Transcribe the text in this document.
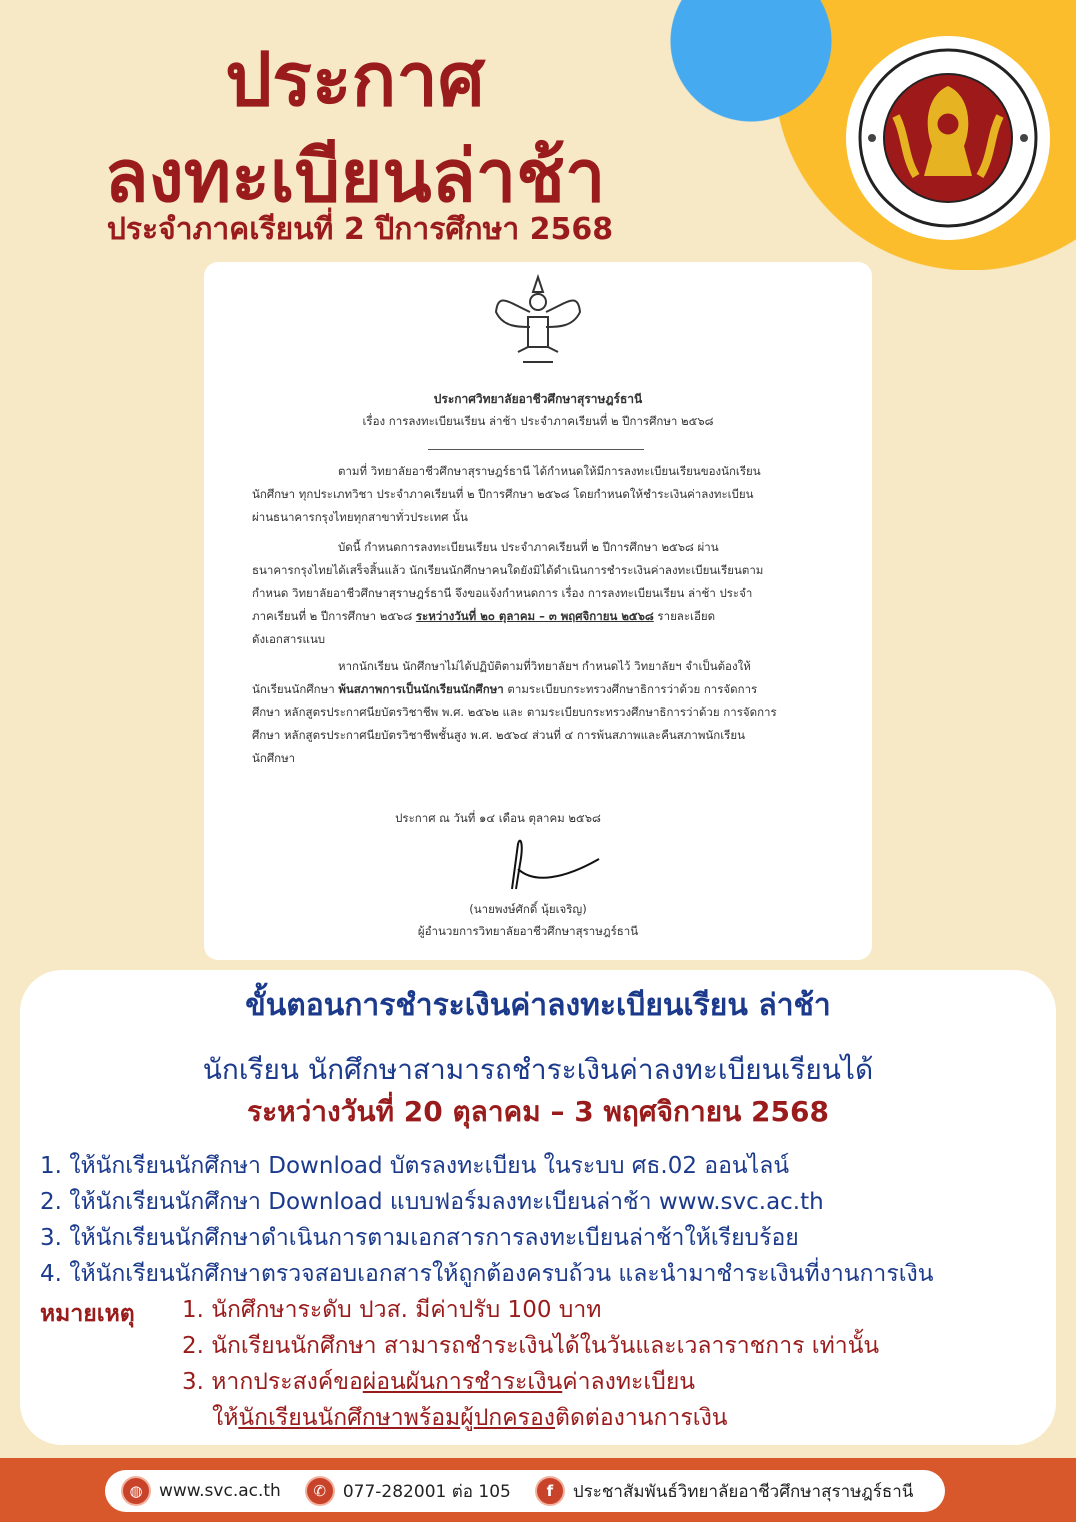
ประกาศ
ลงทะเบียนล่าช้า
ประจำภาคเรียนที่ 2 ปีการศึกษา 2568
ประกาศวิทยาลัยอาชีวศึกษาสุราษฎร์ธานี
เรื่อง การลงทะเบียนเรียน ล่าช้า ประจำภาคเรียนที่ ๒ ปีการศึกษา ๒๕๖๘
ตามที่ วิทยาลัยอาชีวศึกษาสุราษฎร์ธานี ได้กำหนดให้มีการลงทะเบียนเรียนของนักเรียน
นักศึกษา ทุกประเภทวิชา ประจำภาคเรียนที่ ๒ ปีการศึกษา ๒๕๖๘ โดยกำหนดให้ชำระเงินค่าลงทะเบียน
ผ่านธนาคารกรุงไทยทุกสาขาทั่วประเทศ นั้น
บัดนี้ กำหนดการลงทะเบียนเรียน ประจำภาคเรียนที่ ๒ ปีการศึกษา ๒๕๖๘ ผ่าน
ธนาคารกรุงไทยได้เสร็จสิ้นแล้ว นักเรียนนักศึกษาคนใดยังมิได้ดำเนินการชำระเงินค่าลงทะเบียนเรียนตาม
กำหนด วิทยาลัยอาชีวศึกษาสุราษฎร์ธานี จึงขอแจ้งกำหนดการ เรื่อง การลงทะเบียนเรียน ล่าช้า ประจำ
ภาคเรียนที่ ๒ ปีการศึกษา ๒๕๖๘ ระหว่างวันที่ ๒๐ ตุลาคม – ๓ พฤศจิกายน ๒๕๖๘ รายละเอียด
ดังเอกสารแนบ
หากนักเรียน นักศึกษาไม่ได้ปฏิบัติตามที่วิทยาลัยฯ กำหนดไว้ วิทยาลัยฯ จำเป็นต้องให้
นักเรียนนักศึกษา พ้นสภาพการเป็นนักเรียนนักศึกษา ตามระเบียบกระทรวงศึกษาธิการว่าด้วย การจัดการ
ศึกษา หลักสูตรประกาศนียบัตรวิชาชีพ พ.ศ. ๒๕๖๒ และ ตามระเบียบกระทรวงศึกษาธิการว่าด้วย การจัดการ
ศึกษา หลักสูตรประกาศนียบัตรวิชาชีพชั้นสูง พ.ศ. ๒๕๖๔ ส่วนที่ ๔ การพ้นสภาพและคืนสภาพนักเรียน
นักศึกษา
ประกาศ ณ วันที่ ๑๔ เดือน ตุลาคม ๒๕๖๘
(นายพงษ์ศักดิ์ นุ้ยเจริญ)
ผู้อำนวยการวิทยาลัยอาชีวศึกษาสุราษฎร์ธานี
ขั้นตอนการชำระเงินค่าลงทะเบียนเรียน ล่าช้า
นักเรียน นักศึกษาสามารถชำระเงินค่าลงทะเบียนเรียนได้
ระหว่างวันที่ 20 ตุลาคม – 3 พฤศจิกายน 2568
1. ให้นักเรียนนักศึกษา Download บัตรลงทะเบียน ในระบบ ศธ.02 ออนไลน์
2. ให้นักเรียนนักศึกษา Download แบบฟอร์มลงทะเบียนล่าช้า www.svc.ac.th
3. ให้นักเรียนนักศึกษาดำเนินการตามเอกสารการลงทะเบียนล่าช้าให้เรียบร้อย
4. ให้นักเรียนนักศึกษาตรวจสอบเอกสารให้ถูกต้องครบถ้วน และนำมาชำระเงินที่งานการเงิน
หมายเหตุ 1. นักศึกษาระดับ ปวส. มีค่าปรับ 100 บาท
2. นักเรียนนักศึกษา สามารถชำระเงินได้ในวันและเวลาราชการ เท่านั้น
3. หากประสงค์ขอผ่อนผันการชำระเงินค่าลงทะเบียน
ให้นักเรียนนักศึกษาพร้อมผู้ปกครองติดต่องานการเงิน
◍ www.svc.ac.th	✆ 077-282001 ต่อ 105	f	ประชาสัมพันธ์วิทยาลัยอาชีวศึกษาสุราษฎร์ธานี
